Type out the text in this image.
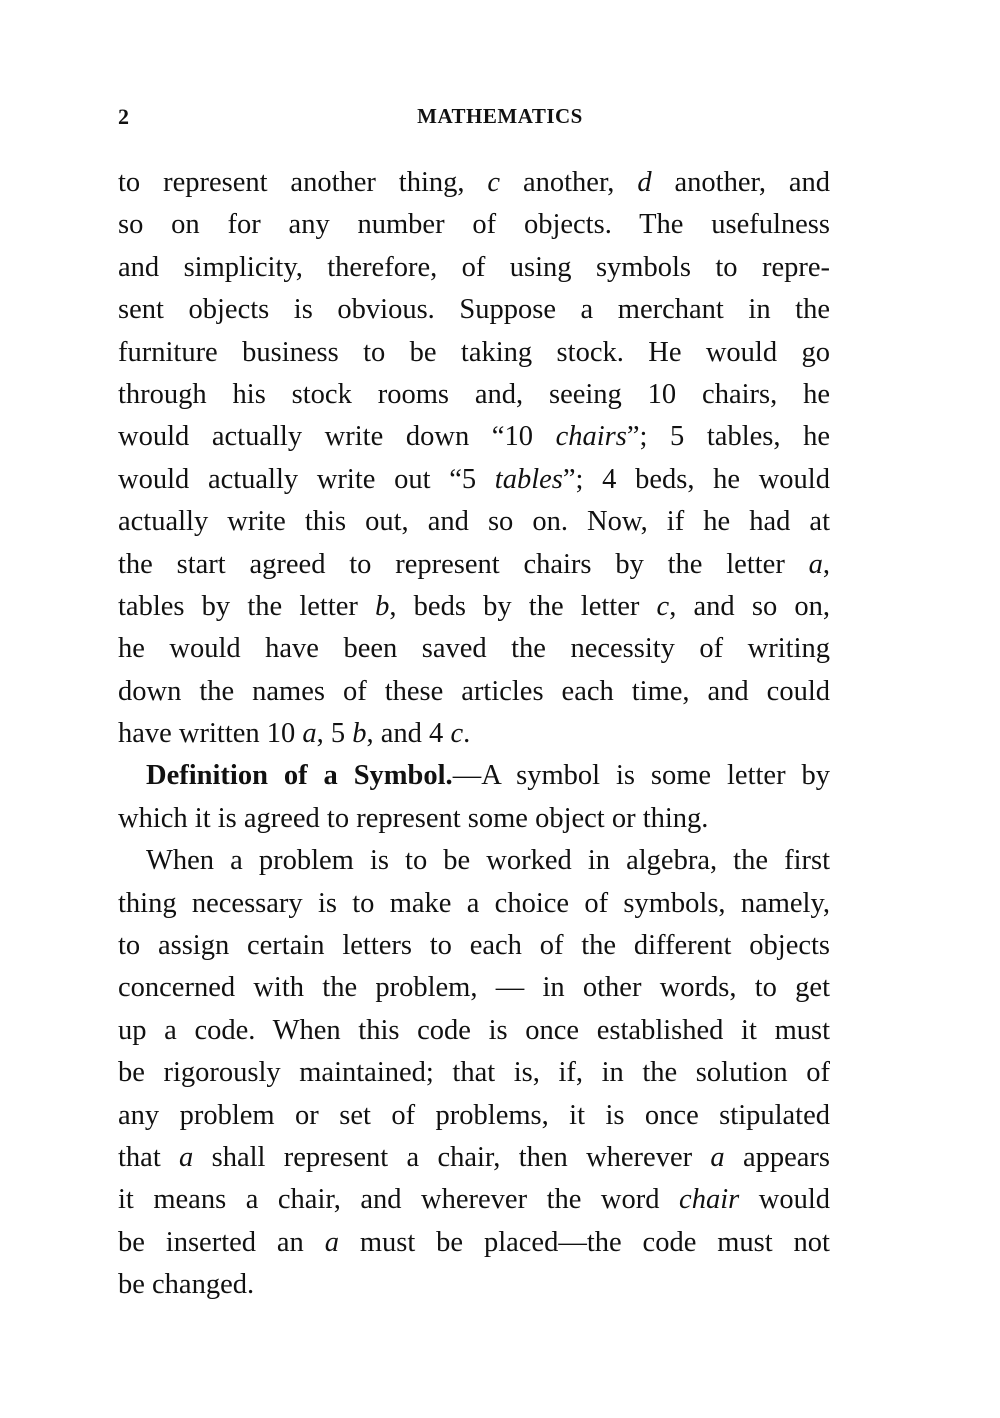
2	MATHEMATICS
to represent another thing, c another, d another, and
so on for any number of objects. The usefulness
and simplicity, therefore, of using symbols to repre-
sent objects is obvious. Suppose a merchant in the
furniture business to be taking stock. He would go
through his stock rooms and, seeing 10 chairs, he
would actually write down “10 chairs”; 5 tables, he
would actually write out “5 tables”; 4 beds, he would
actually write this out, and so on. Now, if he had at
the start agreed to represent chairs by the letter a,
tables by the letter b, beds by the letter c, and so on,
he would have been saved the necessity of writing
down the names of these articles each time, and could
have written 10 a, 5 b, and 4 c.
Definition of a Symbol.—A symbol is some letter by
which it is agreed to represent some object or thing.
When a problem is to be worked in algebra, the first
thing necessary is to make a choice of symbols, namely,
to assign certain letters to each of the different objects
concerned with the problem, — in other words, to get
up a code. When this code is once established it must
be rigorously maintained; that is, if, in the solution of
any problem or set of problems, it is once stipulated
that a shall represent a chair, then wherever a appears
it means a chair, and wherever the word chair would
be inserted an a must be placed—the code must not
be changed.
